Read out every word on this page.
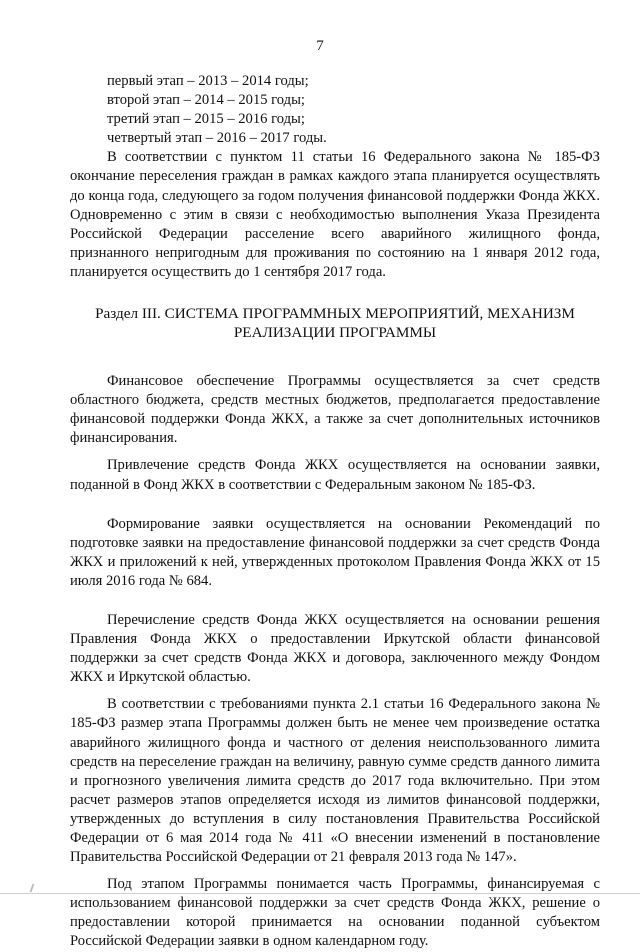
7
первый этап – 2013 – 2014 годы;
второй этап – 2014 – 2015 годы;
третий этап – 2015 – 2016 годы;
четвертый этап – 2016 – 2017 годы.

В соответствии с пунктом 11 статьи 16 Федерального закона № 185-ФЗ окончание переселения граждан в рамках каждого этапа планируется осуществлять до конца года, следующего за годом получения финансовой поддержки Фонда ЖКХ. Одновременно с этим в связи с необходимостью выполнения Указа Президента Российской Федерации расселение всего аварийного жилищного фонда, признанного непригодным для проживания по состоянию на 1 января 2012 года, планируется осуществить до 1 сентября 2017 года.

Раздел III. СИСТЕМА ПРОГРАММНЫХ МЕРОПРИЯТИЙ, МЕХАНИЗМ
РЕАЛИЗАЦИИ ПРОГРАММЫ

Финансовое обеспечение Программы осуществляется за счет средств областного бюджета, средств местных бюджетов, предполагается предоставление финансовой поддержки Фонда ЖКХ, а также за счет дополнительных источников финансирования.

Привлечение средств Фонда ЖКХ осуществляется на основании заявки, поданной в Фонд ЖКХ в соответствии с Федеральным законом № 185-ФЗ.

Формирование заявки осуществляется на основании Рекомендаций по подготовке заявки на предоставление финансовой поддержки за счет средств Фонда ЖКХ и приложений к ней, утвержденных протоколом Правления Фонда ЖКХ от 15 июля 2016 года № 684.

Перечисление средств Фонда ЖКХ осуществляется на основании решения Правления Фонда ЖКХ о предоставлении Иркутской области финансовой поддержки за счет средств Фонда ЖКХ и договора, заключенного между Фондом ЖКХ и Иркутской областью.

В соответствии с требованиями пункта 2.1 статьи 16 Федерального закона № 185-ФЗ размер этапа Программы должен быть не менее чем произведение остатка аварийного жилищного фонда и частного от деления неиспользованного лимита средств на переселение граждан на величину, равную сумме средств данного лимита и прогнозного увеличения лимита средств до 2017 года включительно. При этом расчет размеров этапов определяется исходя из лимитов финансовой поддержки, утвержденных до вступления в силу постановления Правительства Российской Федерации от 6 мая 2014 года № 411 «О внесении изменений в постановление Правительства Российской Федерации от 21 февраля 2013 года № 147».

Под этапом Программы понимается часть Программы, финансируемая с использованием финансовой поддержки за счет средств Фонда ЖКХ, решение о предоставлении которой принимается на основании поданной субъектом Российской Федерации заявки в одном календарном году.
